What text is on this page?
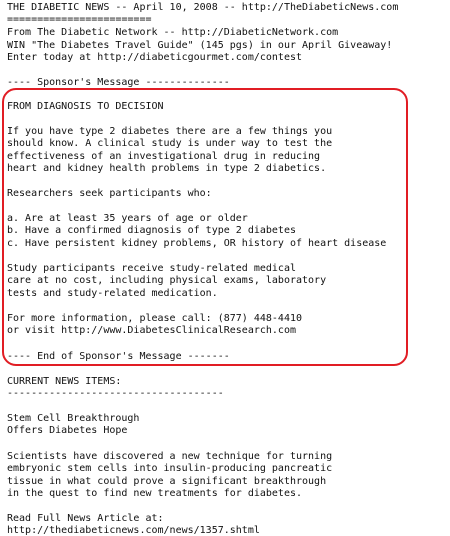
THE DIABETIC NEWS -- April 10, 2008 -- http://TheDiabeticNews.com
========================
From The Diabetic Network -- http://DiabeticNetwork.com
WIN "The Diabetes Travel Guide" (145 pgs) in our April Giveaway!
Enter today at http://diabeticgourmet.com/contest
---- Sponsor's Message --------------
FROM DIAGNOSIS TO DECISION
If you have type 2 diabetes there are a few things you
should know. A clinical study is under way to test the
effectiveness of an investigational drug in reducing
heart and kidney health problems in type 2 diabetics.
Researchers seek participants who:
a. Are at least 35 years of age or older
b. Have a confirmed diagnosis of type 2 diabetes
c. Have persistent kidney problems, OR history of heart disease
Study participants receive study-related medical
care at no cost, including physical exams, laboratory
tests and study-related medication.
For more information, please call: (877) 448-4410
or visit http://www.DiabetesClinicalResearch.com
---- End of Sponsor's Message -------
CURRENT NEWS ITEMS:
------------------------------------
Stem Cell Breakthrough
Offers Diabetes Hope
Scientists have discovered a new technique for turning
embryonic stem cells into insulin-producing pancreatic
tissue in what could prove a significant breakthrough
in the quest to find new treatments for diabetes.
Read Full News Article at:
http://thediabeticnews.com/news/1357.shtml
